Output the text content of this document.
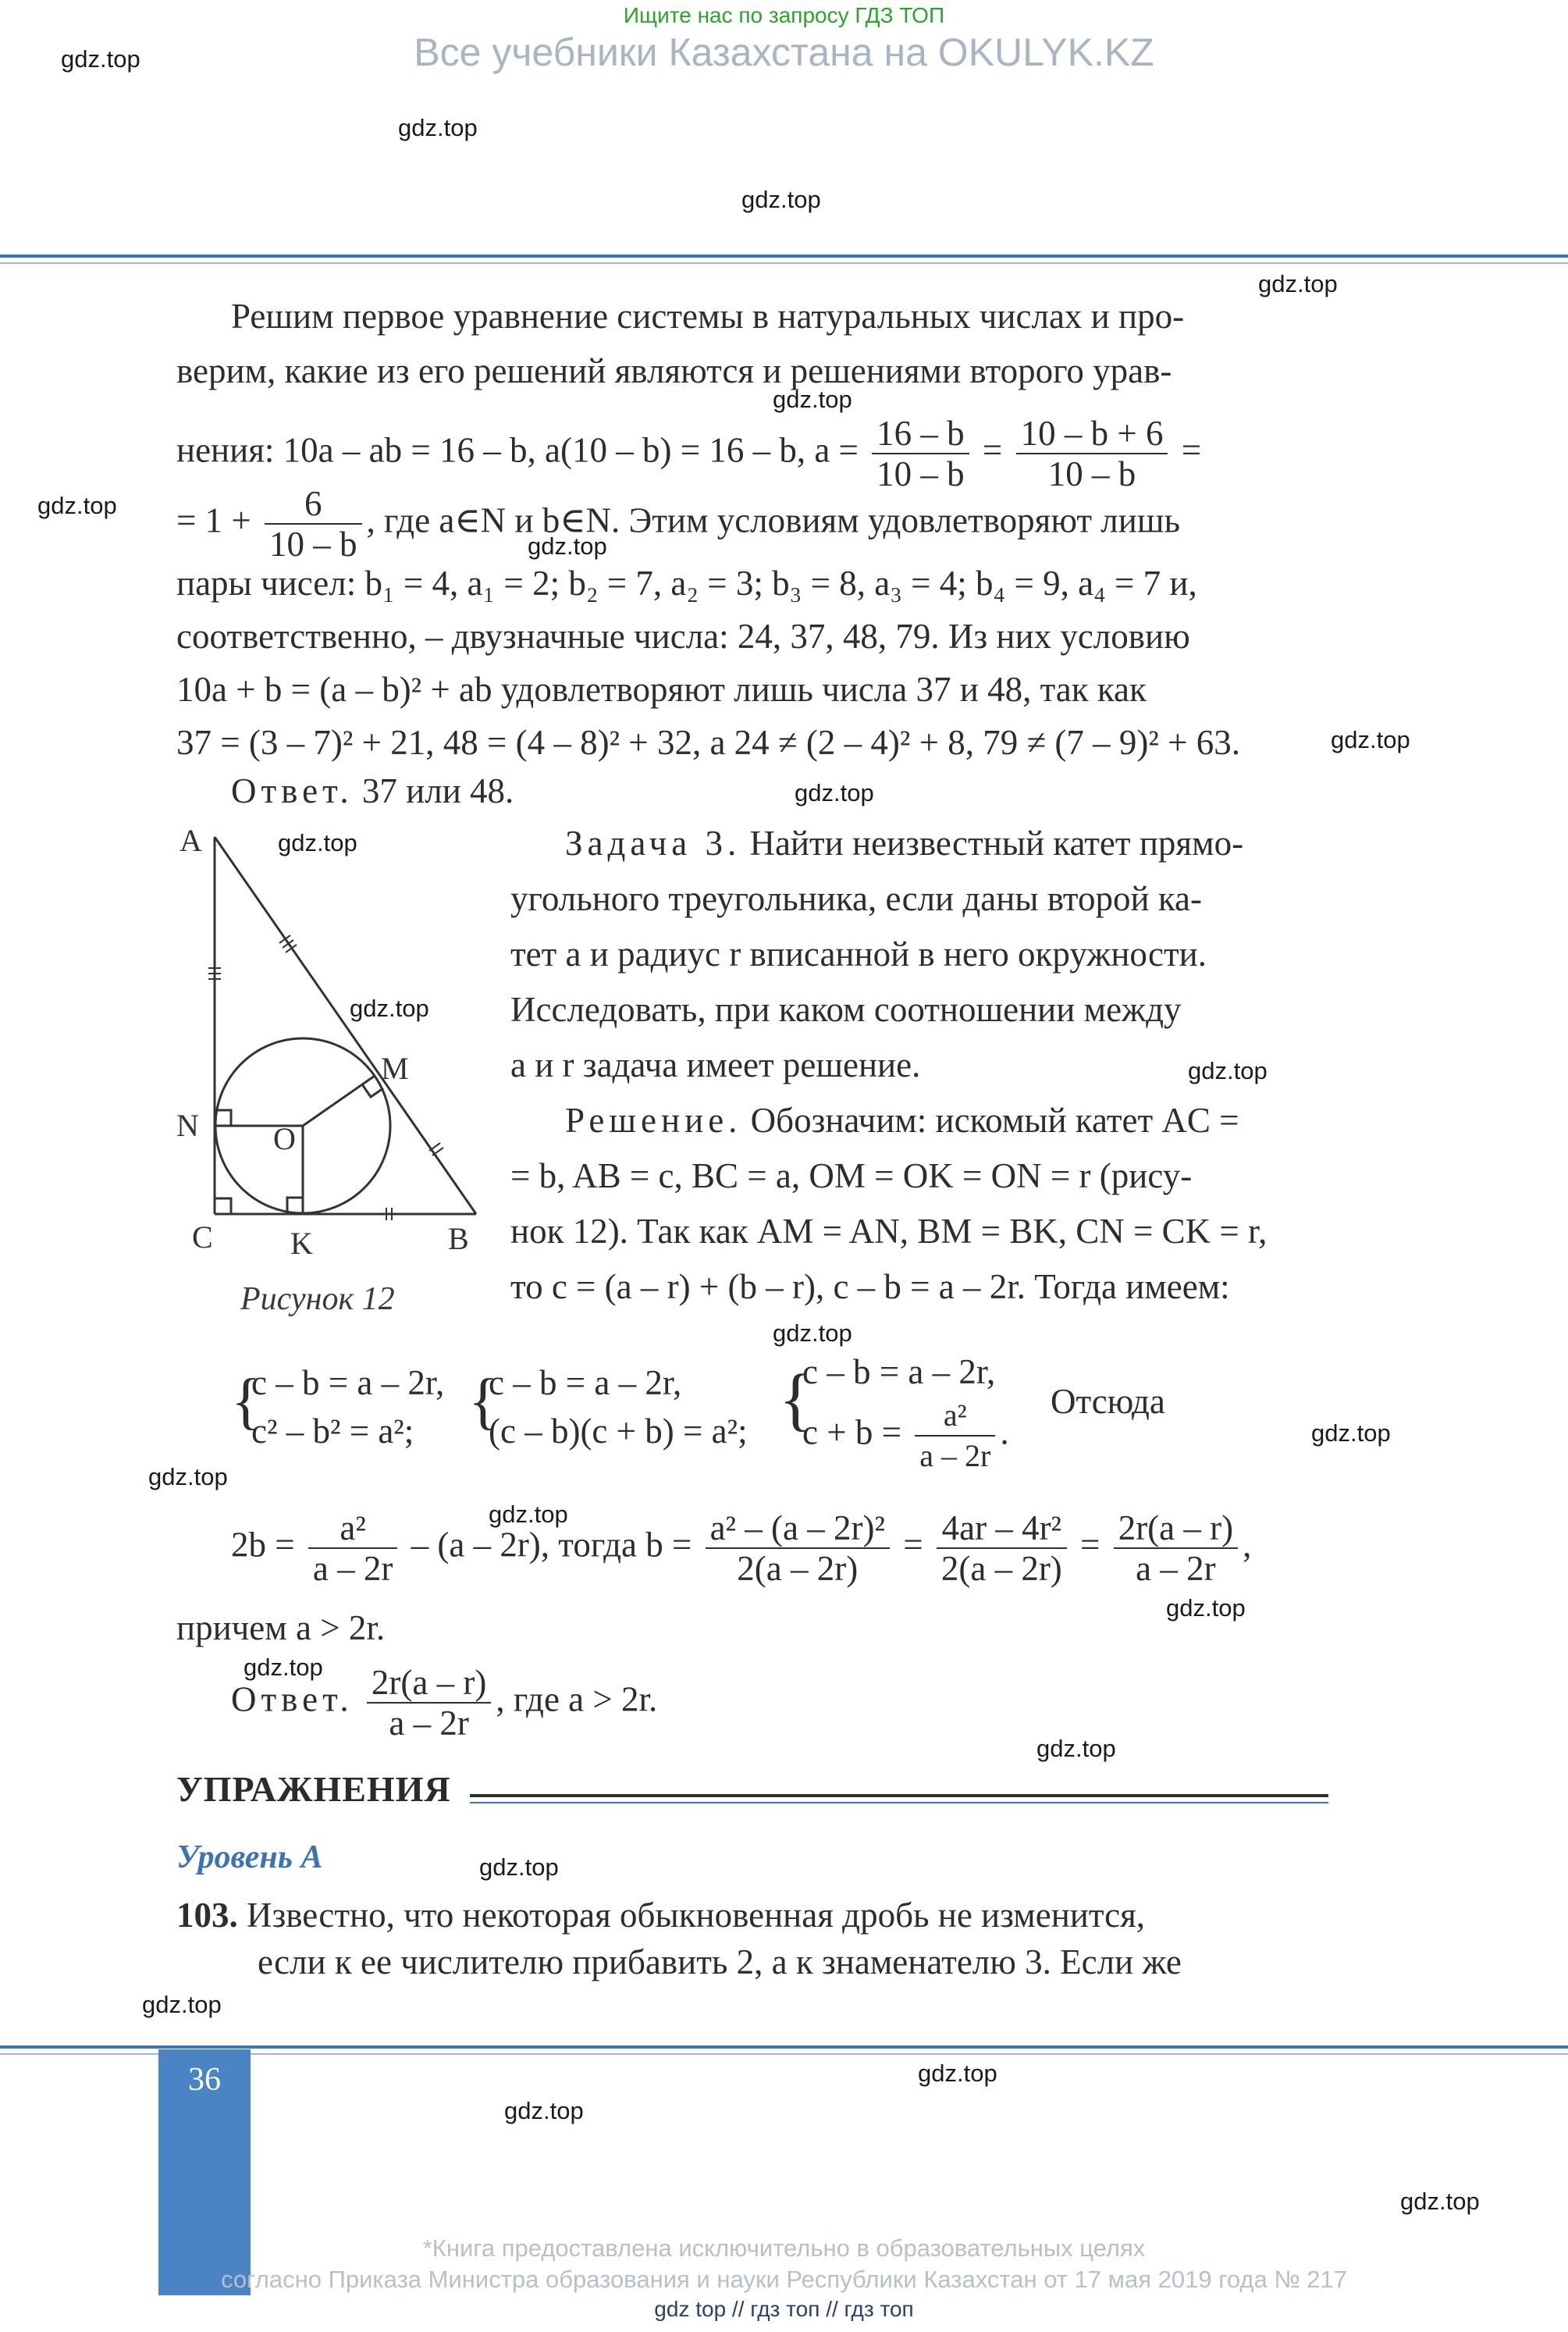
Ищите нас по запросу ГДЗ ТОП
Все учебники Казахстана на OKULYK.KZ
Решим первое уравнение системы в натуральных числах и про-
верим, какие из его решений являются и решениями второго урав-
нения: 10a – ab = 16 – b, a(10 – b) = 16 – b, $a = \frac{16 - b}{10 - b} = \frac{10 - b + 6}{10 - b}$ =
= $1 + \frac{6}{10 - b}$ , где a∈N и b∈N. Этим условиям удовлетворяют лишь
пары чисел: b₁ = 4, a₁ = 2; b₂ = 7, a₂ = 3; b₃ = 8, a₃ = 4; b₄ = 9, a₄ = 7 и,
соответственно, – двузначные числа: 24, 37, 48, 79. Из них условию
10a + b = (a – b)² + ab удовлетворяют лишь числа 37 и 48, так как
37 = (3 – 7)² + 21, 48 = (4 – 8)² + 32, а 24 ≠ (2 – 4)² + 8, 79 ≠ (7 – 9)² + 63.
Ответ. 37 или 48.
A
M
N O
C K	B
Рисунок 12
Задача 3. Найти неизвестный катет прямо-
угольного треугольника, если даны второй ка-
тет a и радиус r вписанной в него окружности.
Исследовать, при каком соотношении между
a и r задача имеет решение.
Решение. Обозначим: искомый катет AC =
= b, AB = c, BC = a, OM = OK = ON = r (рису-
нок 12). Так как AM = AN, BM = BK, CN = CK = r,
то c = (a – r) + (b – r), c – b = a – 2r. Тогда имеем:
{
c – b = a – 2r,
c² – b² = a²; {
c – b = a – 2r,
(c – b)(c + b) = a²; {
c – b = a – 2r,
$c + b = \frac{\text{a²}}{a - 2r}$ .
Отсюда
$2b = \frac{\text{a²}}{a - 2r} - (a - 2r)$, тогда $b = \frac{\text{a² – (a – 2r)²}}{2(a - 2r)} = \frac{\text{4ar – 4r²}}{2(a - 2r)} = \frac{2r(a - r)}{a - 2r}$ ,
причем a > 2r.
Ответ. $\frac{2r(a - r)}{a - 2r}$ , где a > 2r.
УПРАЖНЕНИЯ
Уровень А
103. Известно, что некоторая обыкновенная дробь не изменится,
если к ее числителю прибавить 2, а к знаменателю 3. Если же
36
*Книга предоставлена исключительно в образовательных целях
согласно Приказа Министра образования и науки Республики Казахстан от 17 мая 2019 года № 217
gdz top // гдз топ // гдз топ
gdz.top
gdz.top
gdz.top
gdz.top
gdz.top
gdz.top
gdz.top
gdz.top
gdz.top
gdz.top
gdz.top
gdz.top
gdz.top
gdz.top
gdz.top
gdz.top
gdz.top
gdz.top
gdz.top
gdz.top
gdz.top
gdz.top
gdz.top
gdz.top
